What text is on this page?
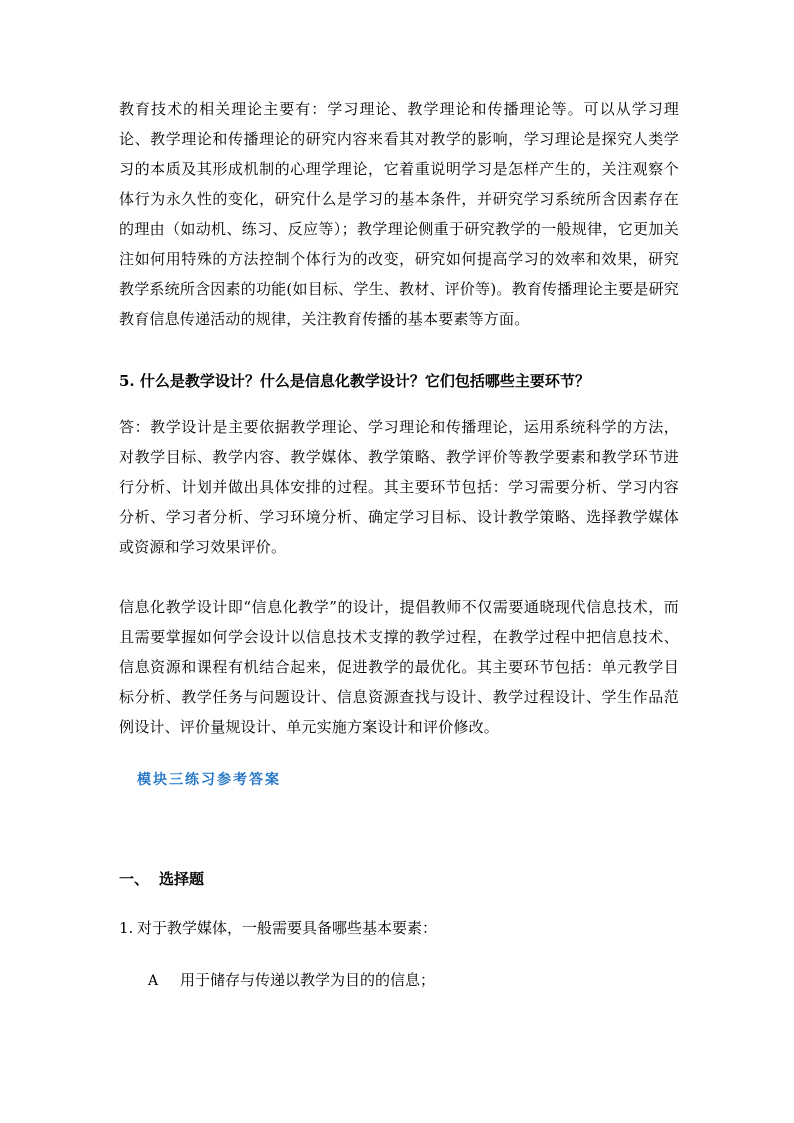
教育技术的相关理论主要有：学习理论、教学理论和传播理论等。可以从学习理论、教学理论和传播理论的研究内容来看其对教学的影响，学习理论是探究人类学习的本质及其形成机制的心理学理论，它着重说明学习是怎样产生的，关注观察个体行为永久性的变化，研究什么是学习的基本条件，并研究学习系统所含因素存在的理由（如动机、练习、反应等）；教学理论侧重于研究教学的一般规律，它更加关注如何用特殊的方法控制个体行为的改变，研究如何提高学习的效率和效果，研究教学系统所含因素的功能(如目标、学生、教材、评价等)。教育传播理论主要是研究教育信息传递活动的规律，关注教育传播的基本要素等方面。

5. 什么是教学设计？什么是信息化教学设计？它们包括哪些主要环节？

答：教学设计是主要依据教学理论、学习理论和传播理论，运用系统科学的方法，对教学目标、教学内容、教学媒体、教学策略、教学评价等教学要素和教学环节进行分析、计划并做出具体安排的过程。其主要环节包括：学习需要分析、学习内容分析、学习者分析、学习环境分析、确定学习目标、设计教学策略、选择教学媒体或资源和学习效果评价。

信息化教学设计即“信息化教学”的设计，提倡教师不仅需要通晓现代信息技术，而且需要掌握如何学会设计以信息技术支撑的教学过程，在教学过程中把信息技术、信息资源和课程有机结合起来，促进教学的最优化。其主要环节包括：单元教学目标分析、教学任务与问题设计、信息资源查找与设计、教学过程设计、学生作品范例设计、评价量规设计、单元实施方案设计和评价修改。

模块三练习参考答案

一、 选择题

1. 对于教学媒体，一般需要具备哪些基本要素：

A 用于储存与传递以教学为目的的信息；
